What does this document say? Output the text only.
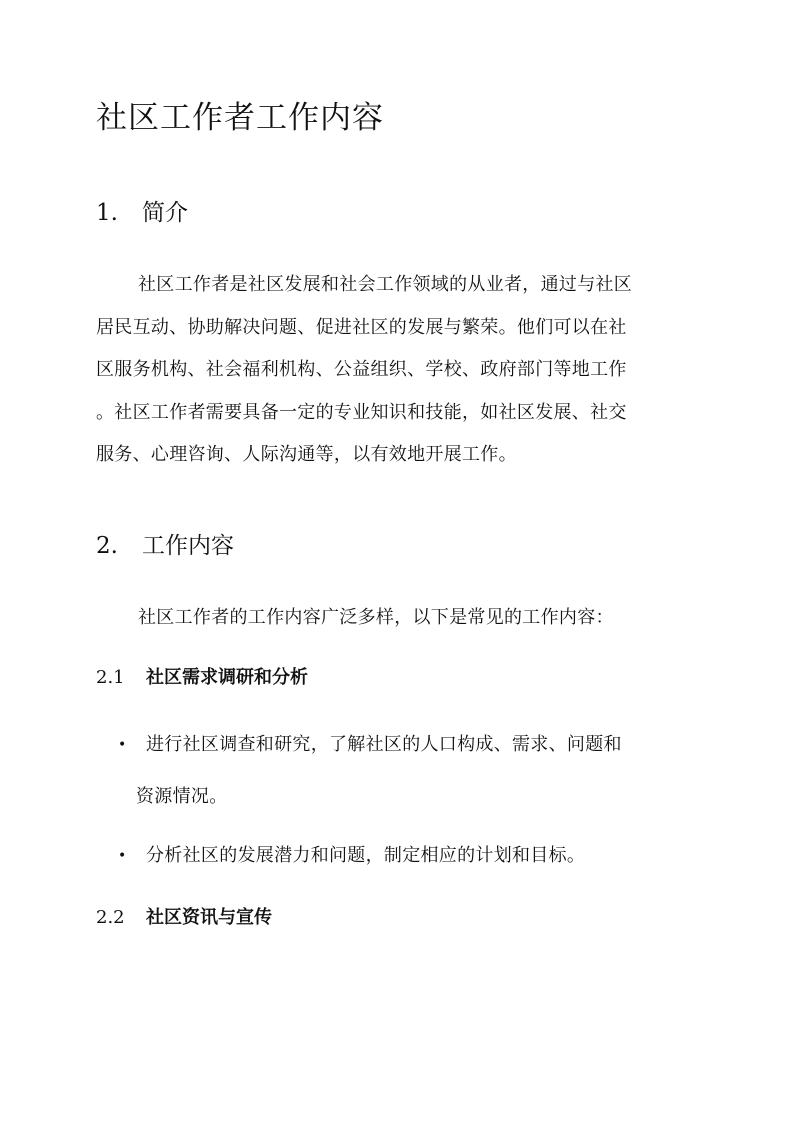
社区工作者工作内容
1. 简介
社区工作者是社区发展和社会工作领域的从业者，通过与社区
居民互动、协助解决问题、促进社区的发展与繁荣。他们可以在社
区服务机构、社会福利机构、公益组织、学校、政府部门等地工作
。社区工作者需要具备一定的专业知识和技能，如社区发展、社交
服务、心理咨询、人际沟通等，以有效地开展工作。
2. 工作内容

社区工作者的工作内容广泛多样，以下是常见的工作内容：

2.1 社区需求调研和分析
•	进行社区调查和研究，了解社区的人口构成、需求、问题和
资源情况。
•	分析社区的发展潜力和问题，制定相应的计划和目标。
2.2 社区资讯与宣传
